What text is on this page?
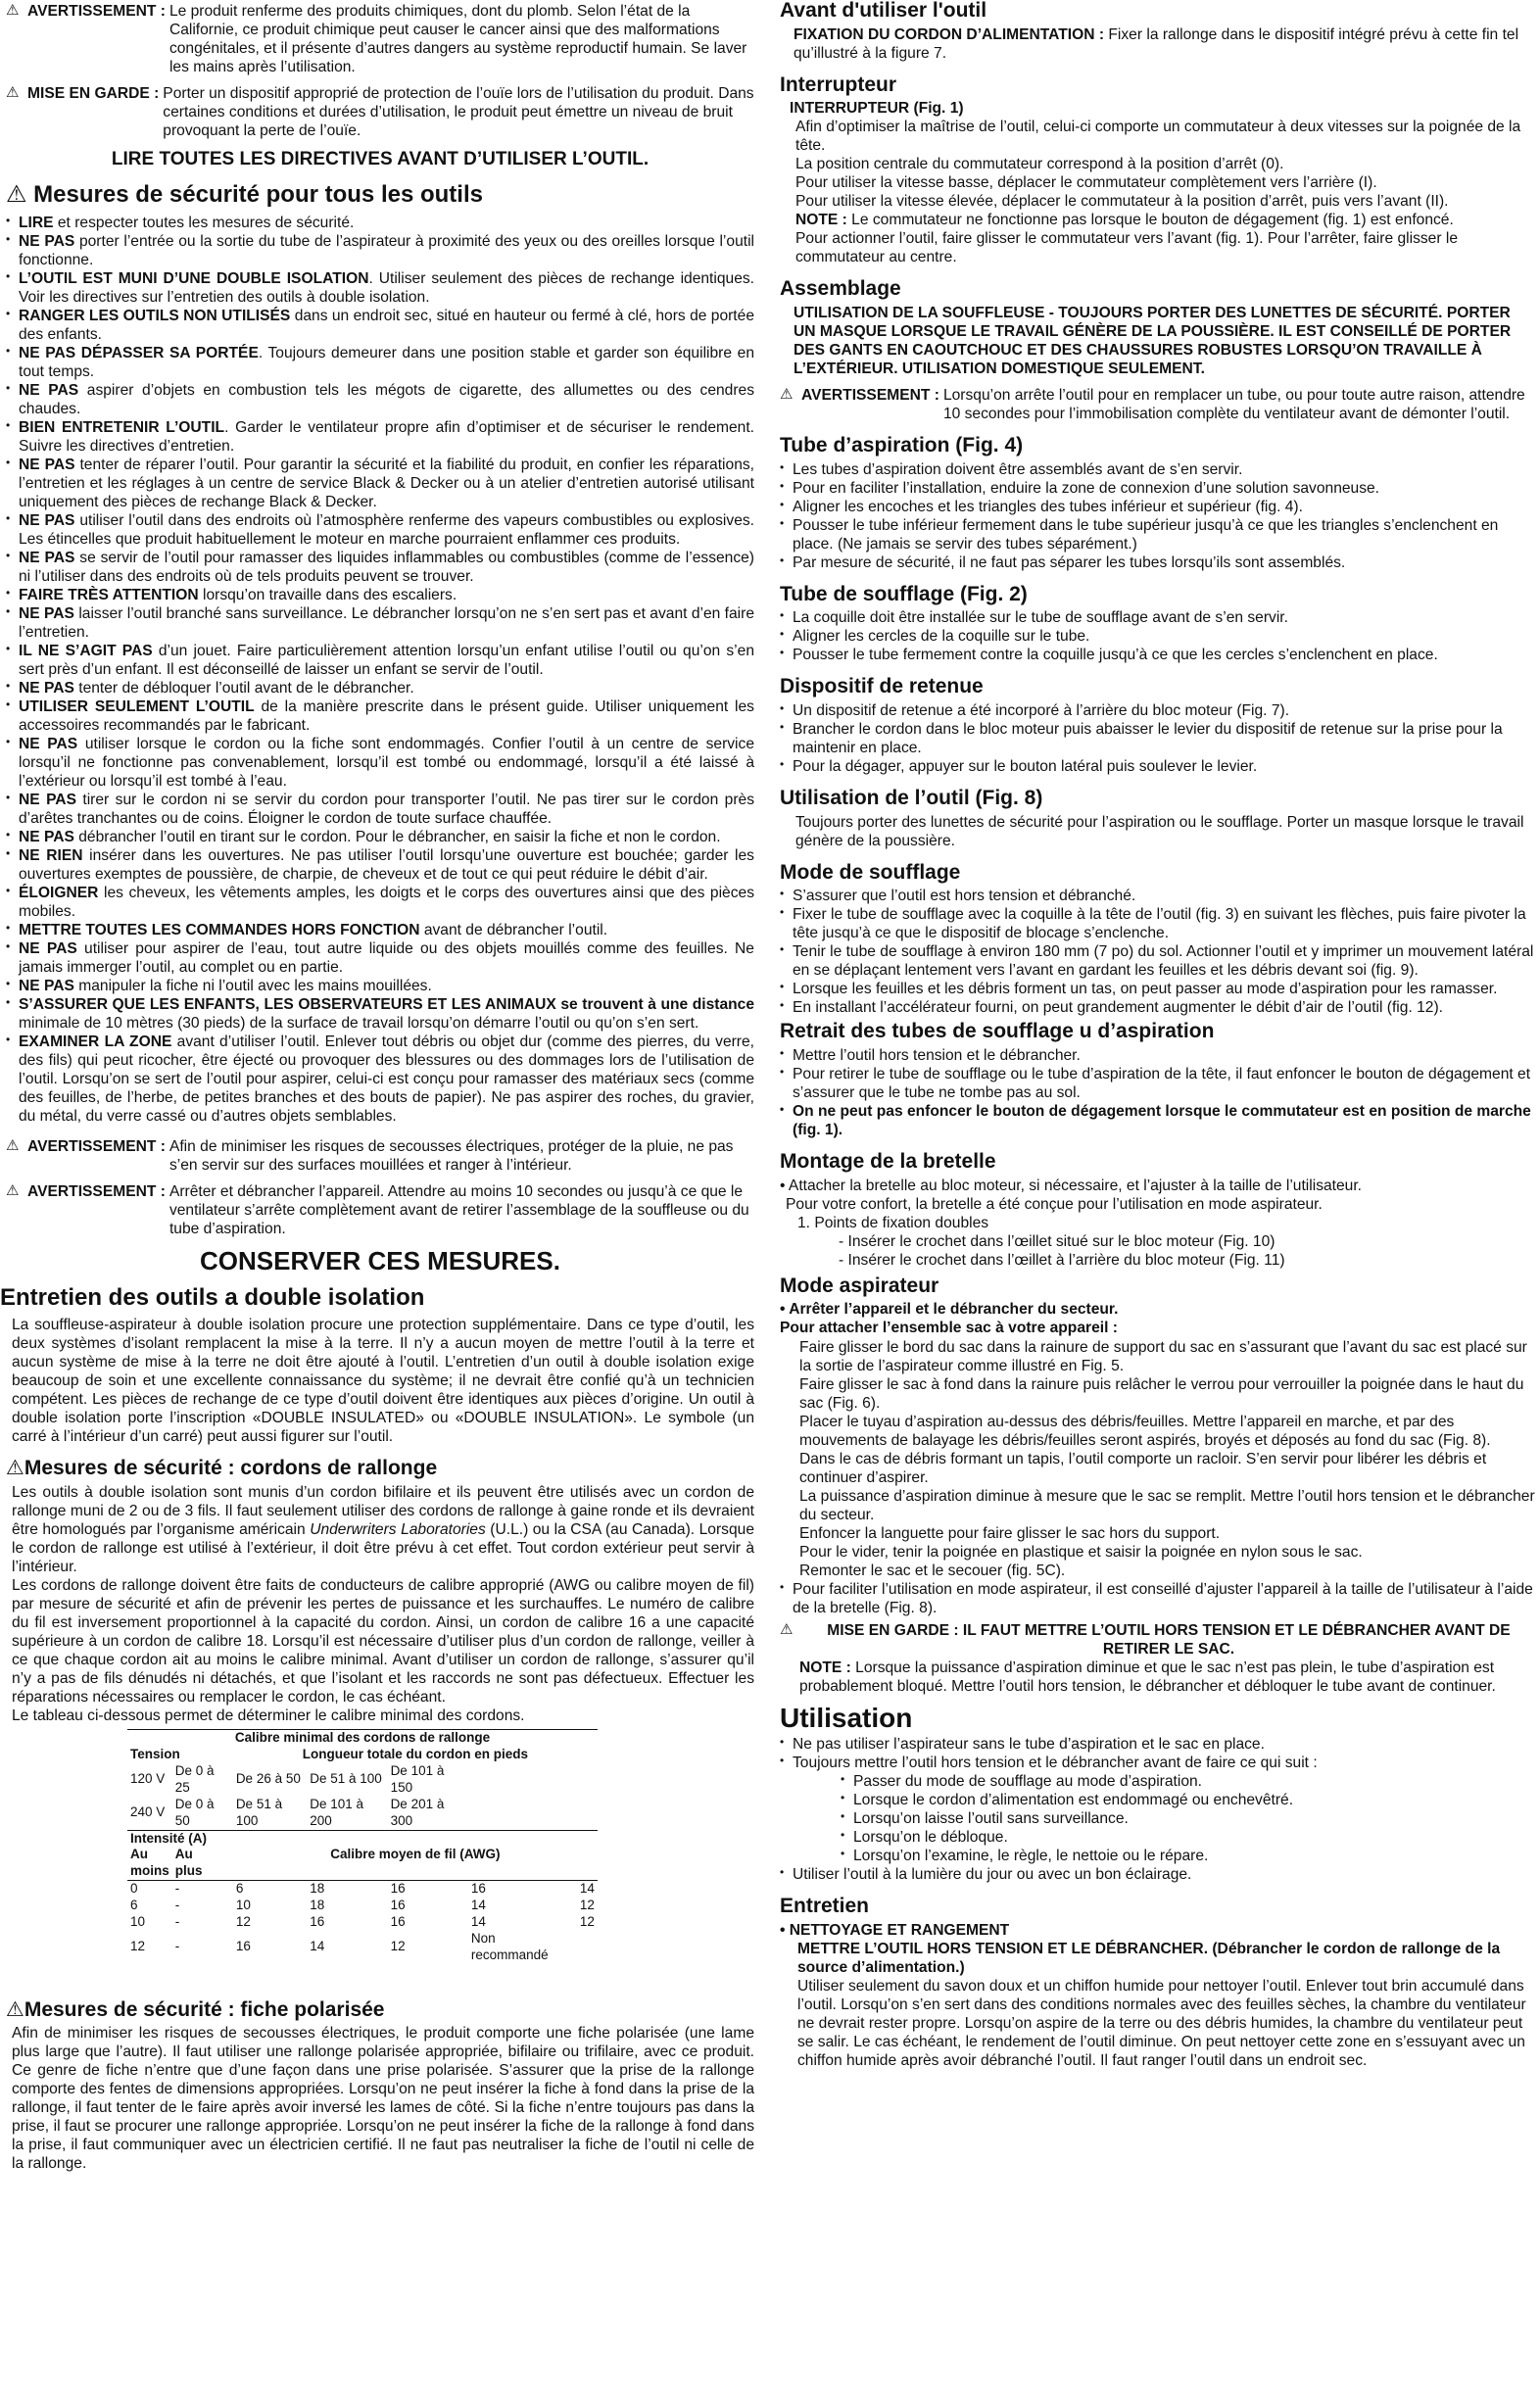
⚠ AVERTISSEMENT : Le produit renferme des produits chimiques, dont du plomb. Selon l’état de la Californie, ce produit chimique peut causer le cancer ainsi que des malformations congénitales, et il présente d’autres dangers au système reproductif humain. Se laver les mains après l’utilisation.
⚠ MISE EN GARDE : Porter un dispositif approprié de protection de l’ouïe lors de l’utilisation du produit. Dans certaines conditions et durées d’utilisation, le produit peut émettre un niveau de bruit provoquant la perte de l’ouïe.

LIRE TOUTES LES DIRECTIVES AVANT D’UTILISER L’OUTIL.

⚠ Mesures de sécurité pour tous les outils
• LIRE et respecter toutes les mesures de sécurité.
• NE PAS porter l’entrée ou la sortie du tube de l’aspirateur à proximité des yeux ou des oreilles lorsque l’outil fonctionne.
• L’OUTIL EST MUNI D’UNE DOUBLE ISOLATION. Utiliser seulement des pièces de rechange identiques. Voir les directives sur l’entretien des outils à double isolation.
• RANGER LES OUTILS NON UTILISÉS dans un endroit sec, situé en hauteur ou fermé à clé, hors de portée des enfants.
• NE PAS DÉPASSER SA PORTÉE. Toujours demeurer dans une position stable et garder son équilibre en tout temps.
• NE PAS aspirer d’objets en combustion tels les mégots de cigarette, des allumettes ou des cendres chaudes.
• BIEN ENTRETENIR L’OUTIL. Garder le ventilateur propre afin d’optimiser et de sécuriser le rendement. Suivre les directives d’entretien.
• NE PAS tenter de réparer l’outil. Pour garantir la sécurité et la fiabilité du produit, en confier les réparations, l’entretien et les réglages à un centre de service Black & Decker ou à un atelier d’entretien autorisé utilisant uniquement des pièces de rechange Black & Decker.
• NE PAS utiliser l’outil dans des endroits où l’atmosphère renferme des vapeurs combustibles ou explosives. Les étincelles que produit habituellement le moteur en marche pourraient enflammer ces produits.
• NE PAS se servir de l’outil pour ramasser des liquides inflammables ou combustibles (comme de l’essence) ni l’utiliser dans des endroits où de tels produits peuvent se trouver.
• FAIRE TRÈS ATTENTION lorsqu’on travaille dans des escaliers.
• NE PAS laisser l’outil branché sans surveillance. Le débrancher lorsqu’on ne s’en sert pas et avant d’en faire l’entretien.
• IL NE S’AGIT PAS d’un jouet. Faire particulièrement attention lorsqu’un enfant utilise l’outil ou qu’on s’en sert près d’un enfant. Il est déconseillé de laisser un enfant se servir de l’outil.
• NE PAS tenter de débloquer l’outil avant de le débrancher.
• UTILISER SEULEMENT L’OUTIL de la manière prescrite dans le présent guide. Utiliser uniquement les accessoires recommandés par le fabricant.
• NE PAS utiliser lorsque le cordon ou la fiche sont endommagés. Confier l’outil à un centre de service lorsqu’il ne fonctionne pas convenablement, lorsqu’il est tombé ou endommagé, lorsqu’il a été laissé à l’extérieur ou lorsqu’il est tombé à l’eau.
• NE PAS tirer sur le cordon ni se servir du cordon pour transporter l’outil. Ne pas tirer sur le cordon près d’arêtes tranchantes ou de coins. Éloigner le cordon de toute surface chauffée.
• NE PAS débrancher l’outil en tirant sur le cordon. Pour le débrancher, en saisir la fiche et non le cordon.
• NE RIEN insérer dans les ouvertures. Ne pas utiliser l’outil lorsqu’une ouverture est bouchée; garder les ouvertures exemptes de poussière, de charpie, de cheveux et de tout ce qui peut réduire le débit d’air.
• ÉLOIGNER les cheveux, les vêtements amples, les doigts et le corps des ouvertures ainsi que des pièces mobiles.
• METTRE TOUTES LES COMMANDES HORS FONCTION avant de débrancher l’outil.
• NE PAS utiliser pour aspirer de l’eau, tout autre liquide ou des objets mouillés comme des feuilles. Ne jamais immerger l’outil, au complet ou en partie.
• NE PAS manipuler la fiche ni l’outil avec les mains mouillées.
• S’ASSURER QUE LES ENFANTS, LES OBSERVATEURS ET LES ANIMAUX se trouvent à une distance minimale de 10 mètres (30 pieds) de la surface de travail lorsqu’on démarre l’outil ou qu’on s’en sert.
• EXAMINER LA ZONE avant d’utiliser l’outil. Enlever tout débris ou objet dur (comme des pierres, du verre, des fils) qui peut ricocher, être éjecté ou provoquer des blessures ou des dommages lors de l’utilisation de l’outil. Lorsqu’on se sert de l’outil pour aspirer, celui-ci est conçu pour ramasser des matériaux secs (comme des feuilles, de l’herbe, de petites branches et des bouts de papier). Ne pas aspirer des roches, du gravier, du métal, du verre cassé ou d’autres objets semblables.
⚠ AVERTISSEMENT : Afin de minimiser les risques de secousses électriques, protéger de la pluie, ne pas s’en servir sur des surfaces mouillées et ranger à l’intérieur.
⚠ AVERTISSEMENT : Arrêter et débrancher l’appareil. Attendre au moins 10 secondes ou jusqu’à ce que le ventilateur s’arrête complètement avant de retirer l’assemblage de la souffleuse ou du tube d’aspiration.

CONSERVER CES MESURES.

Entretien des outils a double isolation

La souffleuse-aspirateur à double isolation procure une protection supplémentaire. Dans ce type d’outil, les deux systèmes d’isolant remplacent la mise à la terre. Il n’y a aucun moyen de mettre l’outil à la terre et aucun système de mise à la terre ne doit être ajouté à l’outil. L’entretien d’un outil à double isolation exige beaucoup de soin et une excellente connaissance du système; il ne devrait être confié qu’à un technicien compétent. Les pièces de rechange de ce type d’outil doivent être identiques aux pièces d’origine. Un outil à double isolation porte l’inscription «DOUBLE INSULATED» ou «DOUBLE INSULATION». Le symbole (un carré à l’intérieur d’un carré) peut aussi figurer sur l’outil.

⚠Mesures de sécurité : cordons de rallonge

Les outils à double isolation sont munis d’un cordon bifilaire et ils peuvent être utilisés avec un cordon de rallonge muni de 2 ou de 3 fils. Il faut seulement utiliser des cordons de rallonge à gaine ronde et ils devraient être homologués par l’organisme américain Underwriters Laboratories (U.L.) ou la CSA (au Canada). Lorsque le cordon de rallonge est utilisé à l’extérieur, il doit être prévu à cet effet. Tout cordon extérieur peut servir à l’intérieur.

Les cordons de rallonge doivent être faits de conducteurs de calibre approprié (AWG ou calibre moyen de fil) par mesure de sécurité et afin de prévenir les pertes de puissance et les surchauffes. Le numéro de calibre du fil est inversement proportionnel à la capacité du cordon. Ainsi, un cordon de calibre 16 a une capacité supérieure à un cordon de calibre 18. Lorsqu’il est nécessaire d’utiliser plus d’un cordon de rallonge, veiller à ce que chaque cordon ait au moins le calibre minimal. Avant d’utiliser un cordon de rallonge, s’assurer qu’il n’y a pas de fils dénudés ni détachés, et que l’isolant et les raccords ne sont pas défectueux. Effectuer les réparations nécessaires ou remplacer le cordon, le cas échéant.

Le tableau ci-dessous permet de déterminer le calibre minimal des cordons.

Calibre minimal des cordons de rallonge						
Tension		Longueur totale du cordon en pieds				
120 V	De 0 à 25	De 26 à 50	De 51 à 100	De 101 à 150		
240 V	De 0 à 50	De 51 à 100	De 101 à 200	De 201 à 300		
Intensité (A)						
Au	Au	Calibre moyen de fil (AWG)				
moins	plus					
0	-	6	18	16	16	14
6	-	10	18	16	14	12
10	-	12	16	16	14	12
12	-	16	14	12	Non recommandé	
⚠Mesures de sécurité : fiche polarisée

Afin de minimiser les risques de secousses électriques, le produit comporte une fiche polarisée (une lame plus large que l’autre). Il faut utiliser une rallonge polarisée appropriée, bifilaire ou trifilaire, avec ce produit. Ce genre de fiche n’entre que d’une façon dans une prise polarisée. S’assurer que la prise de la rallonge comporte des fentes de dimensions appropriées. Lorsqu’on ne peut insérer la fiche à fond dans la prise de la rallonge, il faut tenter de le faire après avoir inversé les lames de côté. Si la fiche n’entre toujours pas dans la prise, il faut se procurer une rallonge appropriée. Lorsqu’on ne peut insérer la fiche de la rallonge à fond dans la prise, il faut communiquer avec un électricien certifié. Il ne faut pas neutraliser la fiche de l’outil ni celle de la rallonge.

Avant d'utiliser l'outil

FIXATION DU CORDON D’ALIMENTATION : Fixer la rallonge dans le dispositif intégré prévu à cette fin tel qu’illustré à la figure 7.

Interrupteur

INTERRUPTEUR (Fig. 1)

Afin d’optimiser la maîtrise de l’outil, celui-ci comporte un commutateur à deux vitesses sur la poignée de la tête.

La position centrale du commutateur correspond à la position d’arrêt (0).

Pour utiliser la vitesse basse, déplacer le commutateur complètement vers l’arrière (I).

Pour utiliser la vitesse élevée, déplacer le commutateur à la position d’arrêt, puis vers l’avant (II).

NOTE : Le commutateur ne fonctionne pas lorsque le bouton de dégagement (fig. 1) est enfoncé.

Pour actionner l’outil, faire glisser le commutateur vers l’avant (fig. 1). Pour l’arrêter, faire glisser le commutateur au centre.

Assemblage

UTILISATION DE LA SOUFFLEUSE - TOUJOURS PORTER DES LUNETTES DE SÉCURITÉ. PORTER UN MASQUE LORSQUE LE TRAVAIL GÉNÈRE DE LA POUSSIÈRE. IL EST CONSEILLÉ DE PORTER DES GANTS EN CAOUTCHOUC ET DES CHAUSSURES ROBUSTES LORSQU’ON TRAVAILLE À L’EXTÉRIEUR. UTILISATION DOMESTIQUE SEULEMENT.

⚠ AVERTISSEMENT : Lorsqu’on arrête l’outil pour en remplacer un tube, ou pour toute autre raison, attendre 10 secondes pour l’immobilisation complète du ventilateur avant de démonter l’outil.
Tube d’aspiration (Fig. 4)
• Les tubes d’aspiration doivent être assemblés avant de s’en servir.
• Pour en faciliter l’installation, enduire la zone de connexion d’une solution savonneuse.
• Aligner les encoches et les triangles des tubes inférieur et supérieur (fig. 4).
• Pousser le tube inférieur fermement dans le tube supérieur jusqu’à ce que les triangles s’enclenchent en place. (Ne jamais se servir des tubes séparément.)
• Par mesure de sécurité, il ne faut pas séparer les tubes lorsqu’ils sont assemblés.
Tube de soufflage (Fig. 2)
• La coquille doit être installée sur le tube de soufflage avant de s’en servir.
• Aligner les cercles de la coquille sur le tube.
• Pousser le tube fermement contre la coquille jusqu’à ce que les cercles s’enclenchent en place.
Dispositif de retenue
• Un dispositif de retenue a été incorporé à l’arrière du bloc moteur (Fig. 7).
• Brancher le cordon dans le bloc moteur puis abaisser le levier du dispositif de retenue sur la prise pour la maintenir en place.
• Pour la dégager, appuyer sur le bouton latéral puis soulever le levier.
Utilisation de l’outil (Fig. 8)

Toujours porter des lunettes de sécurité pour l’aspiration ou le soufflage. Porter un masque lorsque le travail génère de la poussière.

Mode de soufflage
• S’assurer que l’outil est hors tension et débranché.
• Fixer le tube de soufflage avec la coquille à la tête de l’outil (fig. 3) en suivant les flèches, puis faire pivoter la tête jusqu’à ce que le dispositif de blocage s’enclenche.
• Tenir le tube de soufflage à environ 180 mm (7 po) du sol. Actionner l’outil et y imprimer un mouvement latéral en se déplaçant lentement vers l’avant en gardant les feuilles et les débris devant soi (fig. 9).
• Lorsque les feuilles et les débris forment un tas, on peut passer au mode d’aspiration pour les ramasser.
• En installant l’accélérateur fourni, on peut grandement augmenter le débit d’air de l’outil (fig. 12).
Retrait des tubes de soufflage u d’aspiration
• Mettre l’outil hors tension et le débrancher.
• Pour retirer le tube de soufflage ou le tube d’aspiration de la tête, il faut enfoncer le bouton de dégagement et s’assurer que le tube ne tombe pas au sol.
• On ne peut pas enfoncer le bouton de dégagement lorsque le commutateur est en position de marche (fig. 1).
Montage de la bretelle

• Attacher la bretelle au bloc moteur, si nécessaire, et l’ajuster à la taille de l’utilisateur.

Pour votre confort, la bretelle a été conçue pour l’utilisation en mode aspirateur.

1. Points de fixation doubles

- Insérer le crochet dans l’œillet situé sur le bloc moteur (Fig. 10)

- Insérer le crochet dans l’œillet à l’arrière du bloc moteur (Fig. 11)

Mode aspirateur

• Arrêter l’appareil et le débrancher du secteur.

Pour attacher l’ensemble sac à votre appareil :

Faire glisser le bord du sac dans la rainure de support du sac en s’assurant que l’avant du sac est placé sur la sortie de l’aspirateur comme illustré en Fig. 5.

Faire glisser le sac à fond dans la rainure puis relâcher le verrou pour verrouiller la poignée dans le haut du sac (Fig. 6).

Placer le tuyau d’aspiration au-dessus des débris/feuilles. Mettre l’appareil en marche, et par des mouvements de balayage les débris/feuilles seront aspirés, broyés et déposés au fond du sac (Fig. 8).

Dans le cas de débris formant un tapis, l’outil comporte un racloir. S’en servir pour libérer les débris et continuer d’aspirer.

La puissance d’aspiration diminue à mesure que le sac se remplit. Mettre l’outil hors tension et le débrancher du secteur.

Enfoncer la languette pour faire glisser le sac hors du support.

Pour le vider, tenir la poignée en plastique et saisir la poignée en nylon sous le sac.

Remonter le sac et le secouer (fig. 5C).

• Pour faciliter l’utilisation en mode aspirateur, il est conseillé d’ajuster l’appareil à la taille de l’utilisateur à l’aide de la bretelle (Fig. 8).
⚠	MISE EN GARDE : IL FAUT METTRE L’OUTIL HORS TENSION ET LE DÉBRANCHER AVANT DE RETIRER LE SAC.

NOTE : Lorsque la puissance d’aspiration diminue et que le sac n’est pas plein, le tube d’aspiration est probablement bloqué. Mettre l’outil hors tension, le débrancher et débloquer le tube avant de continuer.

Utilisation
• Ne pas utiliser l’aspirateur sans le tube d’aspiration et le sac en place.
• Toujours mettre l’outil hors tension et le débrancher avant de faire ce qui suit :
• Passer du mode de soufflage au mode d’aspiration.
• Lorsque le cordon d’alimentation est endommagé ou enchevêtré.
• Lorsqu’on laisse l’outil sans surveillance.
• Lorsqu’on le débloque.
• Lorsqu’on l’examine, le règle, le nettoie ou le répare.
• Utiliser l’outil à la lumière du jour ou avec un bon éclairage.
Entretien

• NETTOYAGE ET RANGEMENT

METTRE L’OUTIL HORS TENSION ET LE DÉBRANCHER. (Débrancher le cordon de rallonge de la source d’alimentation.)

Utiliser seulement du savon doux et un chiffon humide pour nettoyer l’outil. Enlever tout brin accumulé dans l’outil. Lorsqu’on s’en sert dans des conditions normales avec des feuilles sèches, la chambre du ventilateur ne devrait rester propre. Lorsqu’on aspire de la terre ou des débris humides, la chambre du ventilateur peut se salir. Le cas échéant, le rendement de l’outil diminue. On peut nettoyer cette zone en s’essuyant avec un chiffon humide après avoir débranché l’outil. Il faut ranger l’outil dans un endroit sec.
